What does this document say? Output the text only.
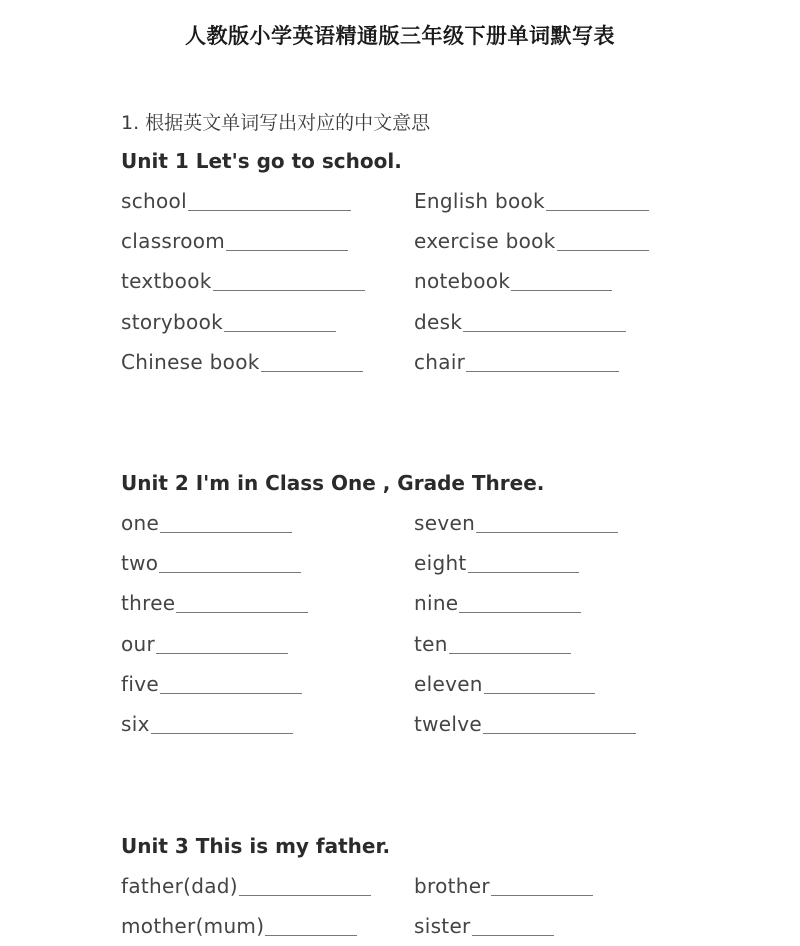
人教版小学英语精通版三年级下册单词默写表
1. 根据英文单词写出对应的中文意思
Unit 1 Let's go to school.
school	English book
classroom	exercise book
textbook	notebook
storybook	desk
Chinese book	chair
Unit 2 I'm in Class One , Grade Three.
one	seven
two	eight
three	nine
our	ten
five	eleven
six	twelve
Unit 3 This is my father.
father(dad)	brother
mother(mum)	sister
